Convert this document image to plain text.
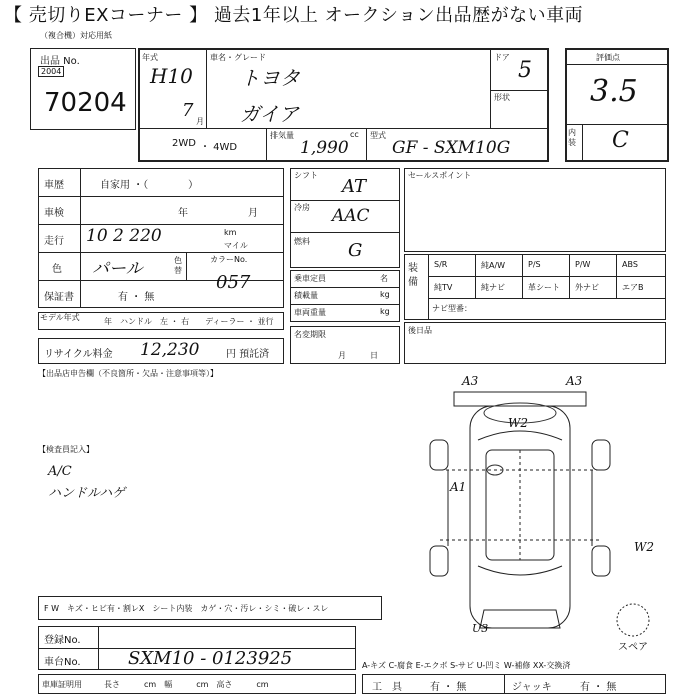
【 売切りEXコーナー 】 過去1年以上 オークション出品歴がない車両
（複合機）対応用紙
出品 No.
2004
70204
年式
H10
7
月
車名・グレード
トヨタ
ガイア
ドア
5
形状
2WD ・ 4WD
排気量	cc
1,990
型式
GF - SXM10G
評価点
3.5
内装 C
車歴	自家用 ・（　　　　）
車検	年	月
走行 10 2 220	km
マイル
色 パール	色替
カラーNo.
057
保証書	有 ・ 無
モデル年式	年　ハンドル　左 ・ 右　　ディーラー ・ 並行
リサイクル料金 12,230	円 預託済
シフト
AT
冷房 AAC
燃料 G
乗車定員	名
積載量	kg
車両重量	kg
名変期限
月　　　日
セールスポイント
装備
S/R	純A/W	P/S	P/W	ABS
純TV	純ナビ	革シート 外ナビ	エアB
ナビ型番：
後日品
【出品店申告欄（不良箇所・欠品・注意事項等）】
【検査員記入】
A/C
ハンドルハゲ
F W　キズ・ヒビ有・割レX　シート内装　カゲ・穴・汚レ・シミ・破レ・スレ
登録No.
車台No.	SXM10 - 0123925
車庫証明用	長さ　　　cm　幅　　　cm　高さ　　　cm
A-キズ C-腐食 E-エクボ S-サビ U-凹ミ W-補修 XX-交換済
工　具	有 ・ 無	ジャッキ	有 ・ 無
A3	A3
W2
A1
W2
U3
スペア
